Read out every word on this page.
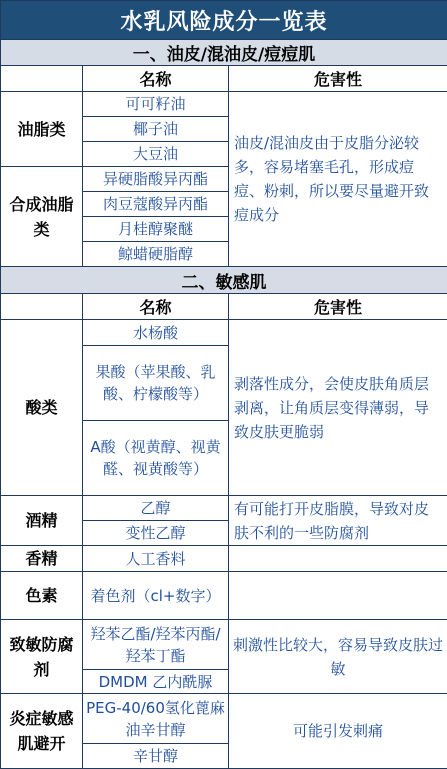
水乳风险成分一览表		
一、油皮/混油皮/痘痘肌		
	名称	危害性
油脂类	可可籽油	油皮/混油皮由于皮脂分泌较多，容易堵塞毛孔，形成痘痘、粉刺，所以要尽量避开致痘成分
	椰子油	
	大豆油	
合成油脂类	异硬脂酸异丙酯	
	肉豆蔻酸异丙酯	
	月桂醇聚醚	
	鲸蜡硬脂醇	
二、敏感肌		
	名称	危害性
酸类	水杨酸	剥落性成分，会使皮肤角质层剥离，让角质层变得薄弱，导致皮肤更脆弱
	果酸（苹果酸、乳酸、柠檬酸等）	
	A酸（视黄醇、视黄醛、视黄酸等）	
酒精	乙醇	有可能打开皮脂膜，导致对皮肤不利的一些防腐剂
	变性乙醇	
香精	人工香料	
色素	着色剂（cl+数字）	
致敏防腐剂	羟苯乙酯/羟苯丙酯/羟苯丁酯	刺激性比较大，容易导致皮肤过敏
	DMDM 乙内酰脲	
炎症敏感肌避开	PEG-40/60氢化蓖麻油辛甘醇	可能引发刺痛
	辛甘醇	
